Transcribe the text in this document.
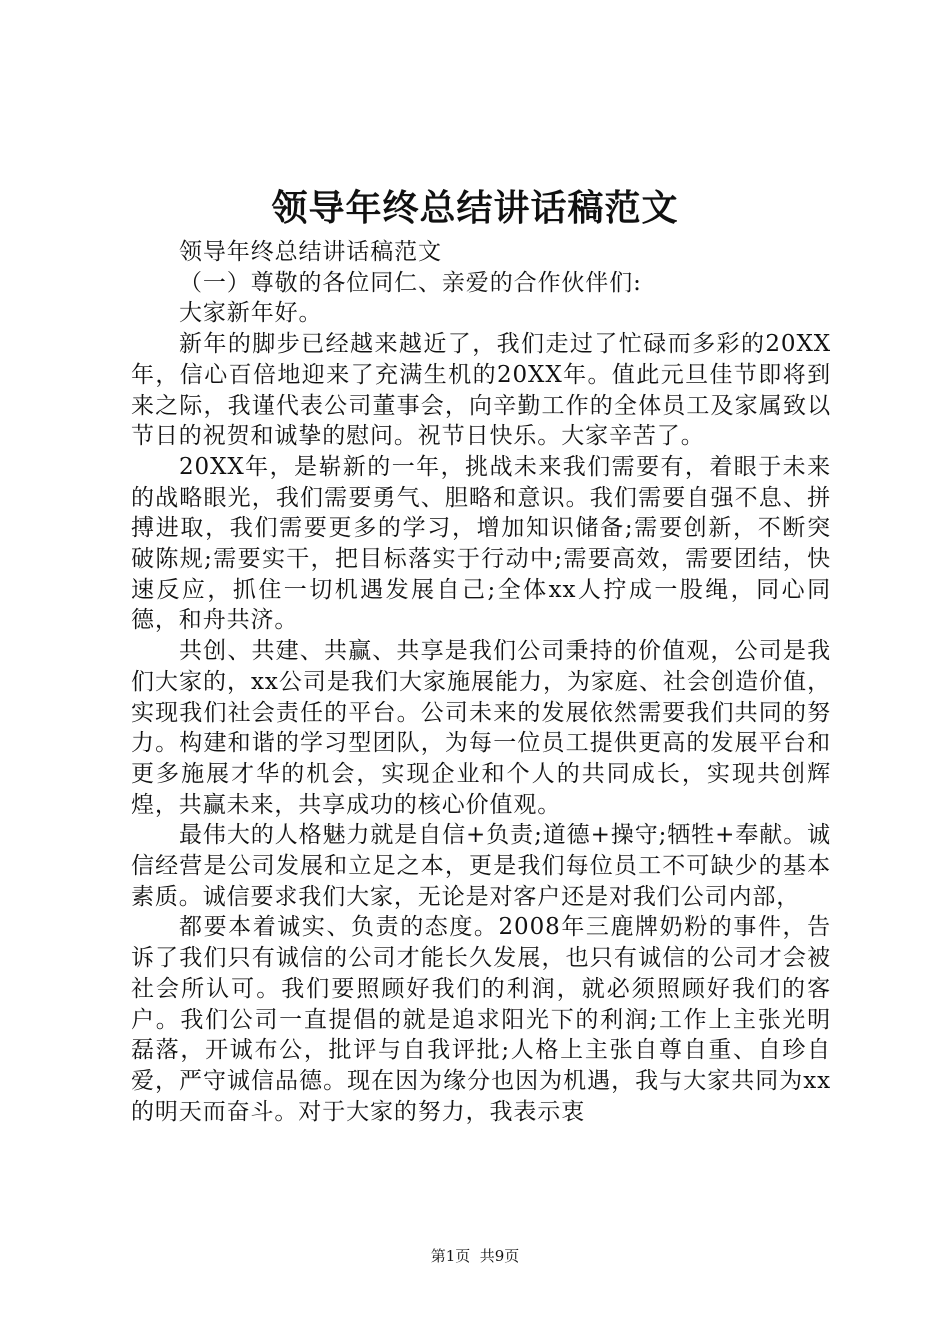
领导年终总结讲话稿范文

领导年终总结讲话稿范文

（一）尊敬的各位同仁、亲爱的合作伙伴们:

大家新年好。

新年的脚步已经越来越近了，我们走过了忙碌而多彩的20XX年，信心百倍地迎来了充满生机的20XX年。值此元旦佳节即将到来之际，我谨代表公司董事会，向辛勤工作的全体员工及家属致以节日的祝贺和诚挚的慰问。祝节日快乐。大家辛苦了。

20XX年，是崭新的一年，挑战未来我们需要有，着眼于未来的战略眼光，我们需要勇气、胆略和意识。我们需要自强不息、拼搏进取，我们需要更多的学习，增加知识储备;需要创新，不断突破陈规;需要实干，把目标落实于行动中;需要高效，需要团结，快速反应，抓住一切机遇发展自己;全体xx人拧成一股绳，同心同德，和舟共济。

共创、共建、共赢、共享是我们公司秉持的价值观，公司是我们大家的，xx公司是我们大家施展能力，为家庭、社会创造价值，实现我们社会责任的平台。公司未来的发展依然需要我们共同的努力。构建和谐的学习型团队，为每一位员工提供更高的发展平台和更多施展才华的机会，实现企业和个人的共同成长，实现共创辉煌，共赢未来，共享成功的核心价值观。

最伟大的人格魅力就是自信+负责;道德+操守;牺牲+奉献。诚信经营是公司发展和立足之本，更是我们每位员工不可缺少的基本素质。诚信要求我们大家，无论是对客户还是对我们公司内部，

都要本着诚实、负责的态度。2008年三鹿牌奶粉的事件，告诉了我们只有诚信的公司才能长久发展，也只有诚信的公司才会被社会所认可。我们要照顾好我们的利润，就必须照顾好我们的客户。我们公司一直提倡的就是追求阳光下的利润;工作上主张光明磊落，开诚布公，批评与自我评批;人格上主张自尊自重、自珍自爱，严守诚信品德。现在因为缘分也因为机遇，我与大家共同为xx的明天而奋斗。对于大家的努力，我表示衷

第1页  共9页
